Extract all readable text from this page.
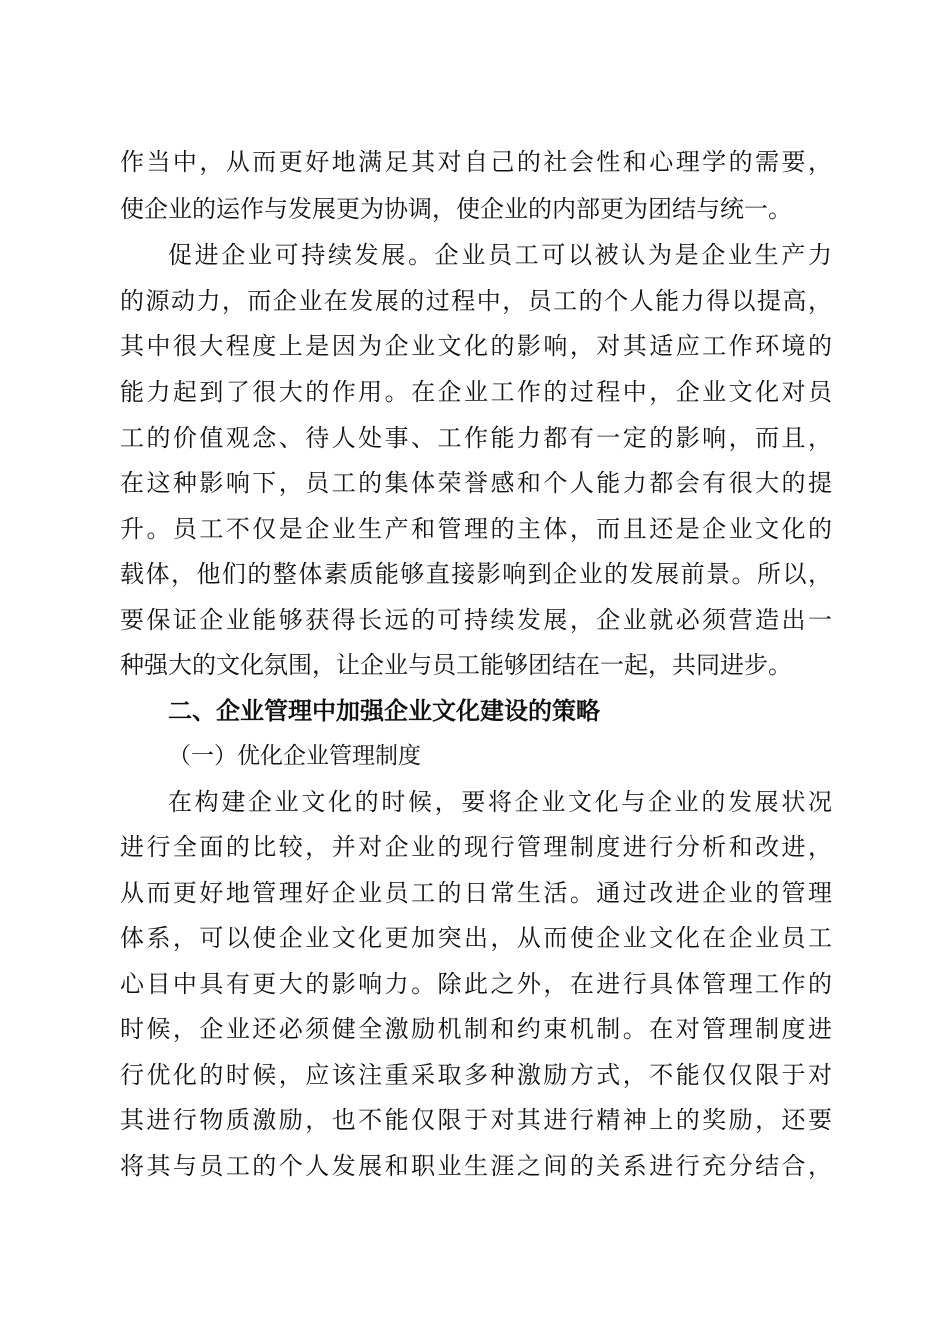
作当中，从而更好地满足其对自己的社会性和心理学的需要，
使企业的运作与发展更为协调，使企业的内部更为团结与统一。
促进企业可持续发展。企业员工可以被认为是企业生产力
的源动力，而企业在发展的过程中，员工的个人能力得以提高，
其中很大程度上是因为企业文化的影响，对其适应工作环境的
能力起到了很大的作用。在企业工作的过程中，企业文化对员
工的价值观念、待人处事、工作能力都有一定的影响，而且，
在这种影响下，员工的集体荣誉感和个人能力都会有很大的提
升。员工不仅是企业生产和管理的主体，而且还是企业文化的
载体，他们的整体素质能够直接影响到企业的发展前景。所以，
要保证企业能够获得长远的可持续发展，企业就必须营造出一
种强大的文化氛围，让企业与员工能够团结在一起，共同进步。
二、企业管理中加强企业文化建设的策略
（一）优化企业管理制度
在构建企业文化的时候，要将企业文化与企业的发展状况
进行全面的比较，并对企业的现行管理制度进行分析和改进，
从而更好地管理好企业员工的日常生活。通过改进企业的管理
体系，可以使企业文化更加突出，从而使企业文化在企业员工
心目中具有更大的影响力。除此之外，在进行具体管理工作的
时候，企业还必须健全激励机制和约束机制。在对管理制度进
行优化的时候，应该注重采取多种激励方式，不能仅仅限于对
其进行物质激励，也不能仅限于对其进行精神上的奖励，还要
将其与员工的个人发展和职业生涯之间的关系进行充分结合，
